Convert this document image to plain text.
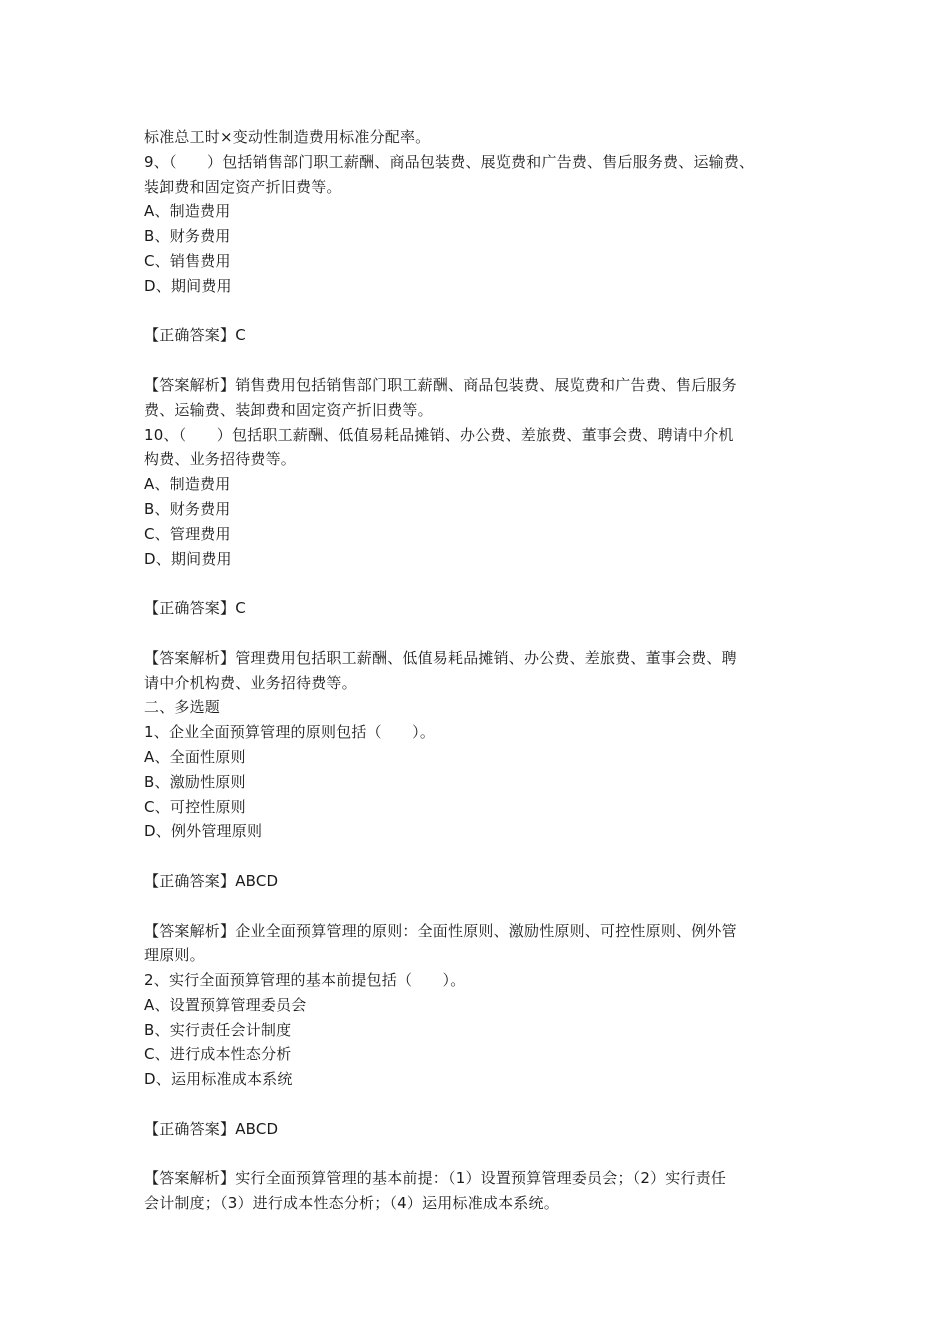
标准总工时×变动性制造费用标准分配率。
9、（　　）包括销售部门职工薪酬、商品包装费、展览费和广告费、售后服务费、运输费、
装卸费和固定资产折旧费等。
A、制造费用
B、财务费用
C、销售费用
D、期间费用
【正确答案】C
【答案解析】销售费用包括销售部门职工薪酬、商品包装费、展览费和广告费、售后服务
费、运输费、装卸费和固定资产折旧费等。
10、（　　）包括职工薪酬、低值易耗品摊销、办公费、差旅费、董事会费、聘请中介机
构费、业务招待费等。
A、制造费用
B、财务费用
C、管理费用
D、期间费用
【正确答案】C
【答案解析】管理费用包括职工薪酬、低值易耗品摊销、办公费、差旅费、董事会费、聘
请中介机构费、业务招待费等。
二、多选题
1、企业全面预算管理的原则包括（　　）。
A、全面性原则
B、激励性原则
C、可控性原则
D、例外管理原则
【正确答案】ABCD
【答案解析】企业全面预算管理的原则：全面性原则、激励性原则、可控性原则、例外管
理原则。
2、实行全面预算管理的基本前提包括（　　）。
A、设置预算管理委员会
B、实行责任会计制度
C、进行成本性态分析
D、运用标准成本系统
【正确答案】ABCD
【答案解析】实行全面预算管理的基本前提：（1）设置预算管理委员会；（2）实行责任
会计制度；（3）进行成本性态分析；（4）运用标准成本系统。
